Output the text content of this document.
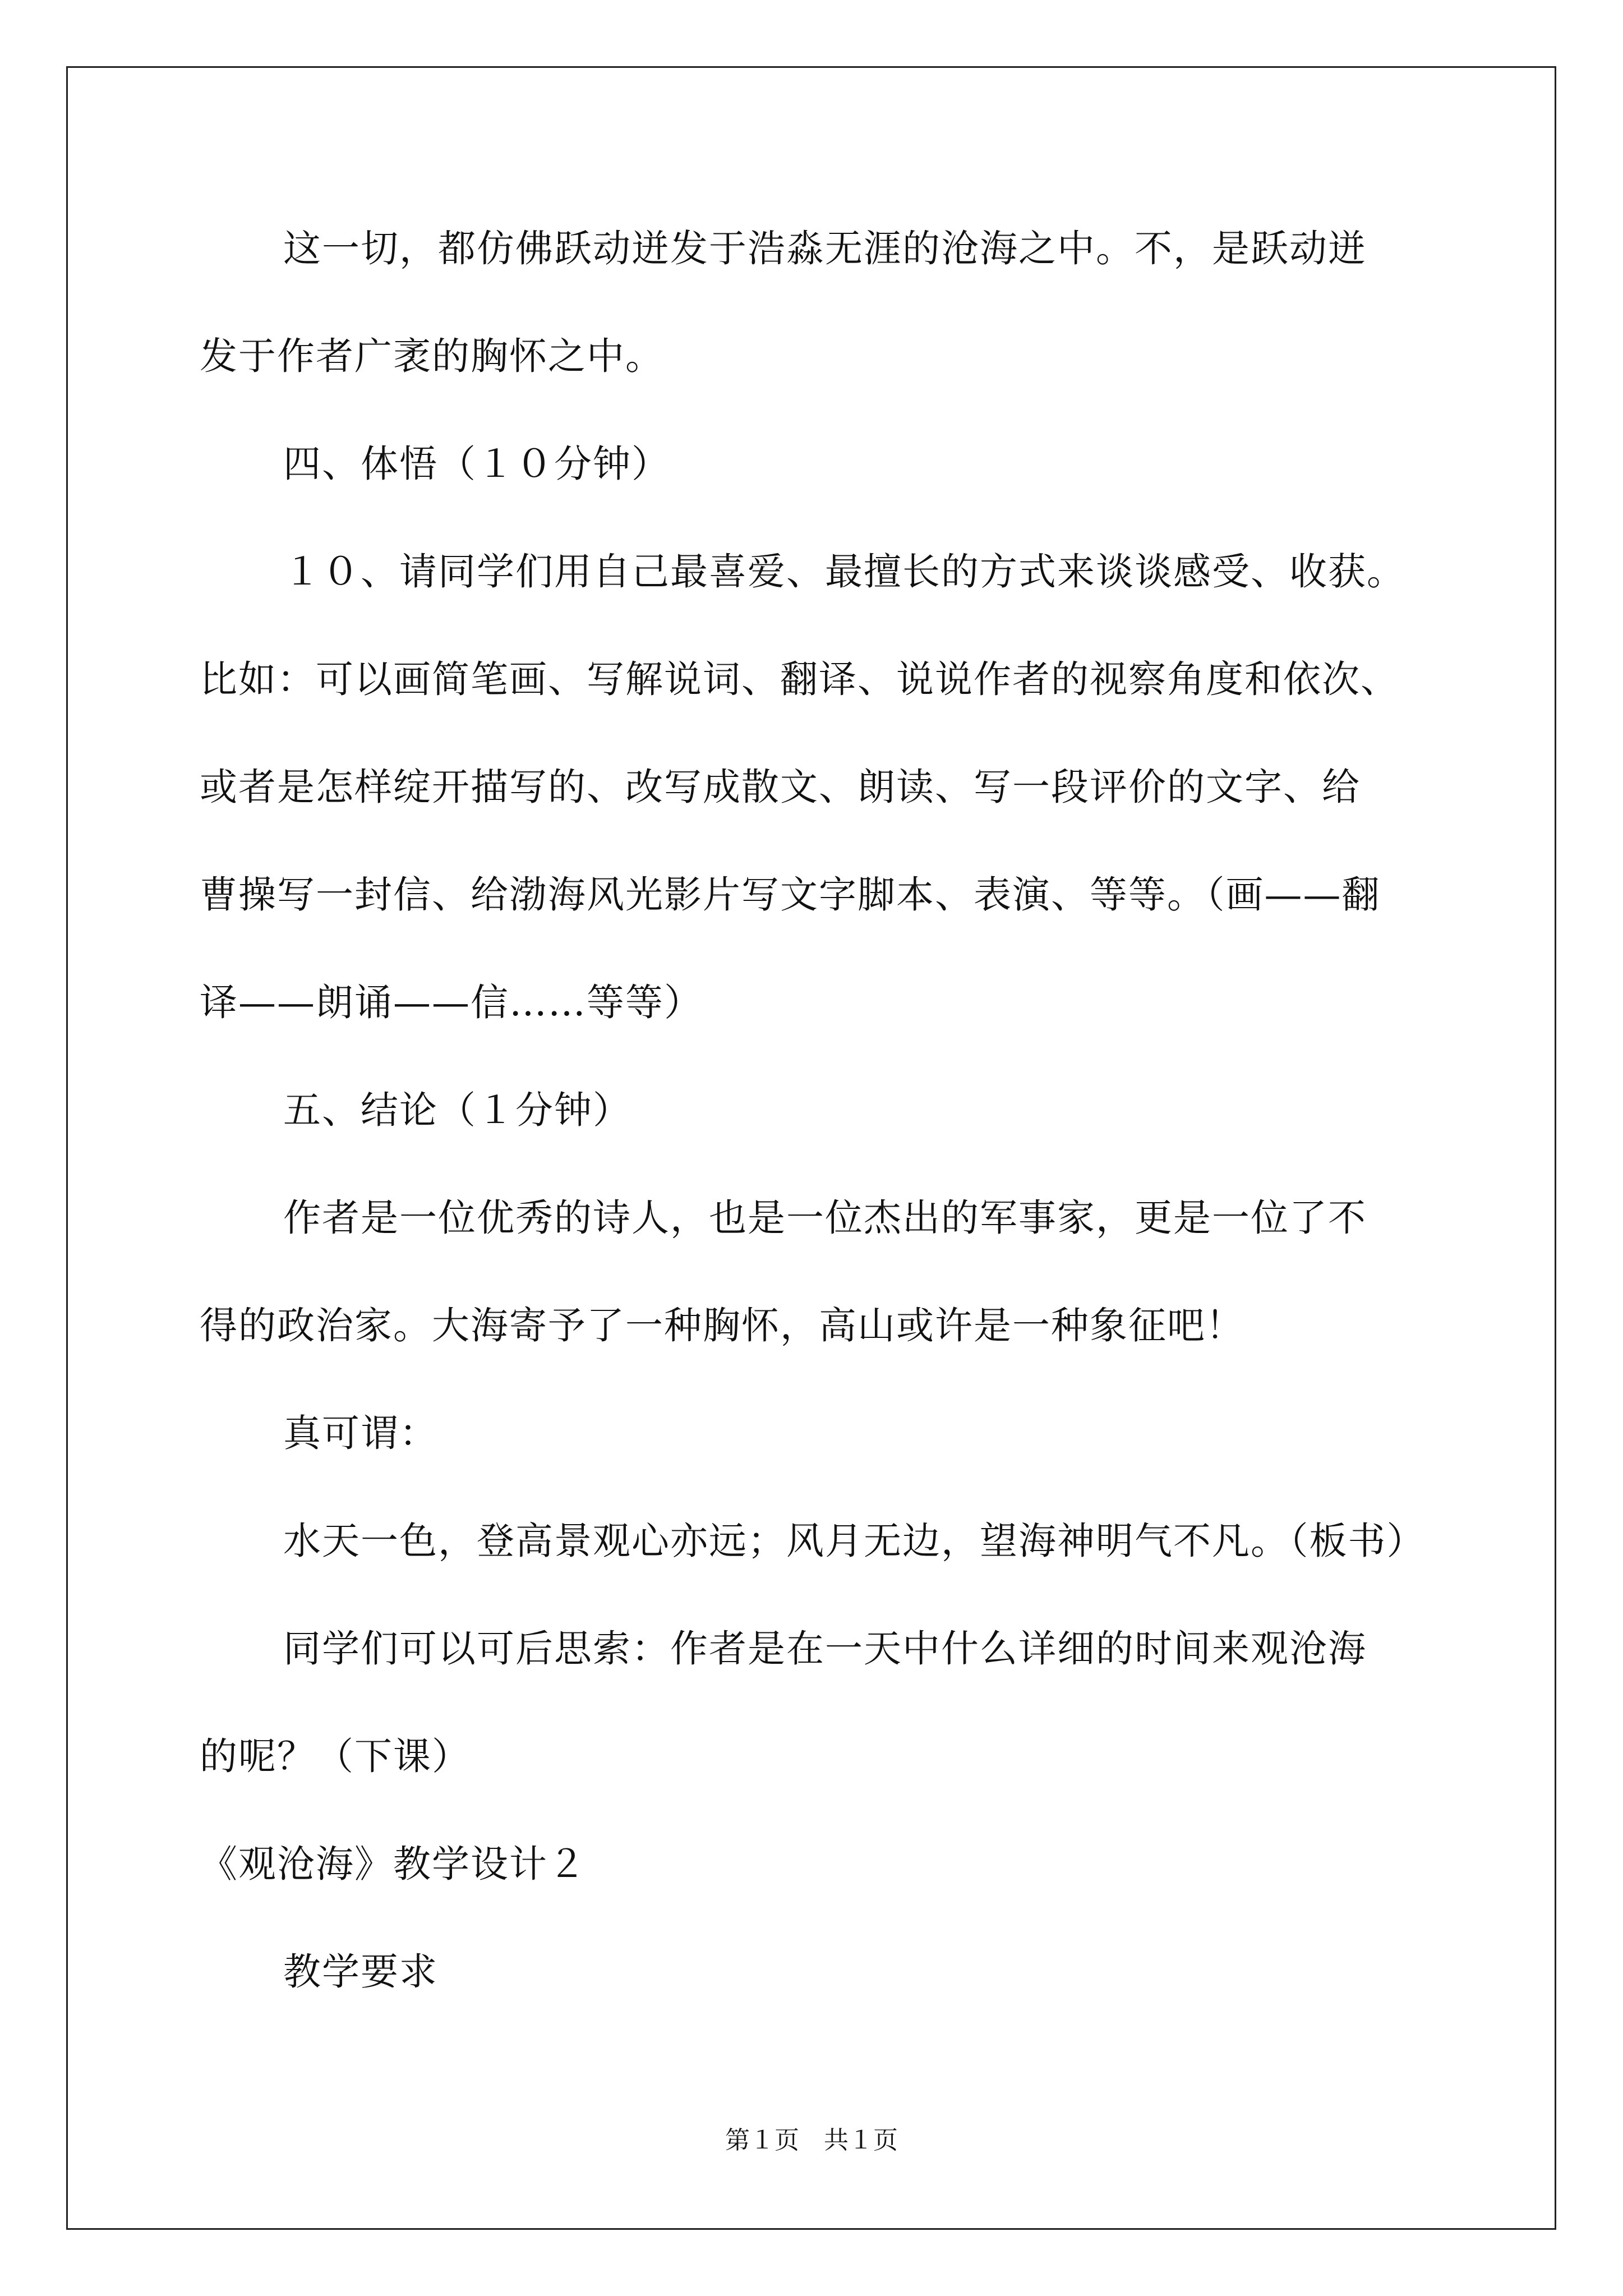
这一切，都仿佛跃动迸发于浩淼无涯的沧海之中。不，是跃动迸
发于作者广袤的胸怀之中。
四、体悟（１０分钟）
１０、请同学们用自己最喜爱、最擅长的方式来谈谈感受、收获。
比如：可以画简笔画、写解说词、翻译、说说作者的视察角度和依次、
或者是怎样绽开描写的、改写成散文、朗读、写一段评价的文字、给
曹操写一封信、给渤海风光影片写文字脚本、表演、等等。（画——翻
译——朗诵——信……等等）
五、结论（１分钟）
作者是一位优秀的诗人，也是一位杰出的军事家，更是一位了不
得的政治家。大海寄予了一种胸怀，高山或许是一种象征吧！
真可谓：
水天一色，登高景观心亦远；风月无边，望海神明气不凡。（板书）
同学们可以可后思索：作者是在一天中什么详细的时间来观沧海
的呢？（下课）
《观沧海》教学设计２
教学要求
第１页　共１页
